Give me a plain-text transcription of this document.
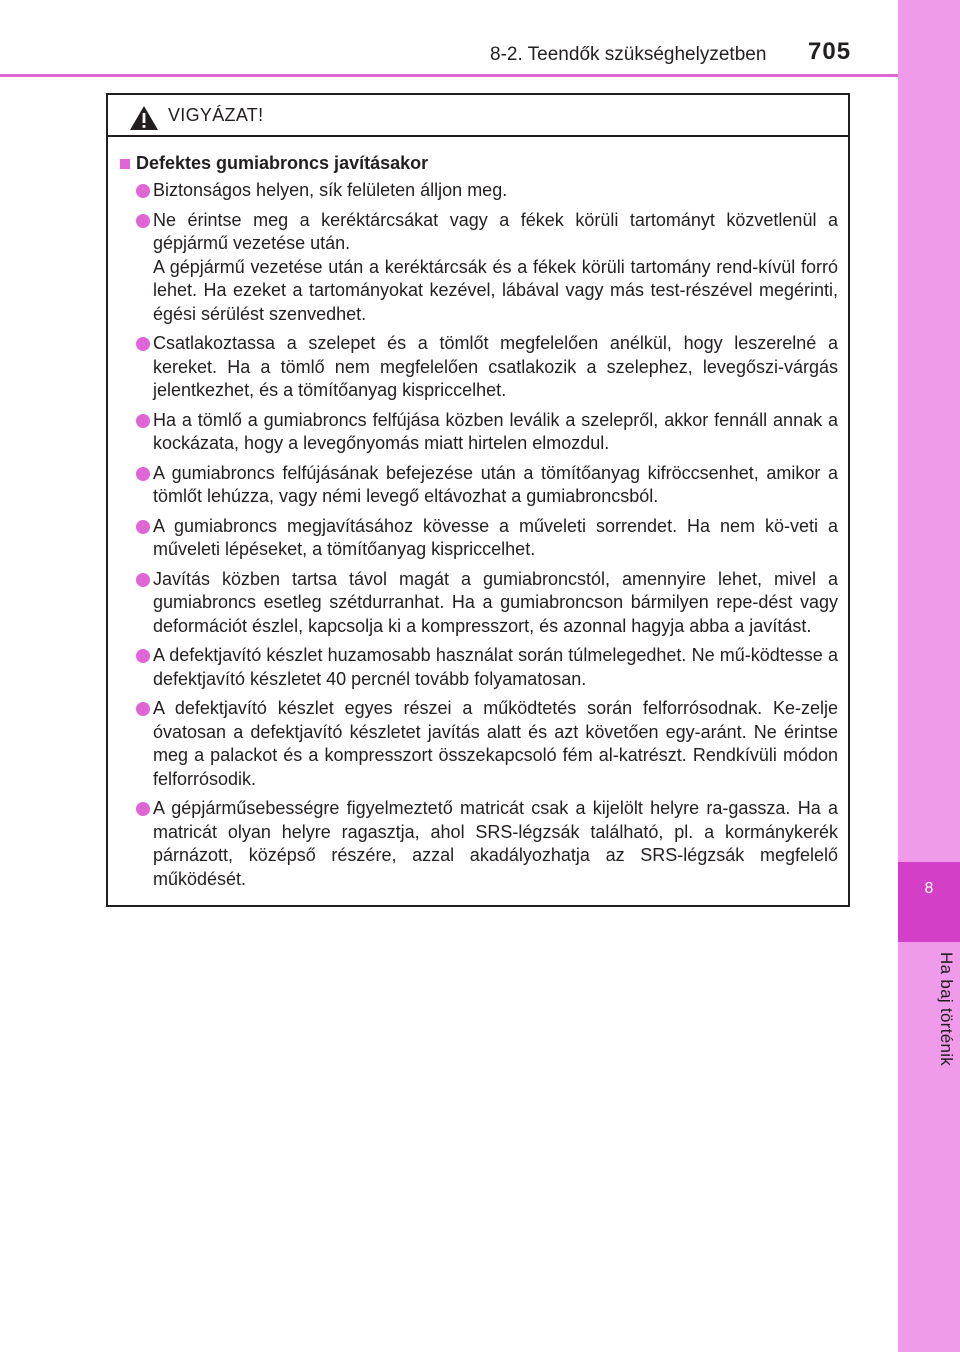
8-2. Teendők szükséghelyzetben 705
8
Ha baj történik
VIGYÁZAT!
Defektes gumiabroncs javításakor
Biztonságos helyen, sík felületen álljon meg.
Ne érintse meg a keréktárcsákat vagy a fékek körüli tartományt közvetlenül a gépjármű vezetése után.
A gépjármű vezetése után a keréktárcsák és a fékek körüli tartomány rend-kívül forró lehet. Ha ezeket a tartományokat kezével, lábával vagy más test-részével megérinti, égési sérülést szenvedhet.
Csatlakoztassa a szelepet és a tömlőt megfelelően anélkül, hogy leszerelné a kereket. Ha a tömlő nem megfelelően csatlakozik a szelephez, levegőszi-várgás jelentkezhet, és a tömítőanyag kispriccelhet.
Ha a tömlő a gumiabroncs felfújása közben leválik a szelepről, akkor fennáll annak a kockázata, hogy a levegőnyomás miatt hirtelen elmozdul.
A gumiabroncs felfújásának befejezése után a tömítőanyag kifröccsenhet, amikor a tömlőt lehúzza, vagy némi levegő eltávozhat a gumiabroncsból.
A gumiabroncs megjavításához kövesse a műveleti sorrendet. Ha nem kö-veti a műveleti lépéseket, a tömítőanyag kispriccelhet.
Javítás közben tartsa távol magát a gumiabroncstól, amennyire lehet, mivel a gumiabroncs esetleg szétdurranhat. Ha a gumiabroncson bármilyen repe-dést vagy deformációt észlel, kapcsolja ki a kompresszort, és azonnal hagyja abba a javítást.
A defektjavító készlet huzamosabb használat során túlmelegedhet. Ne mű-ködtesse a defektjavító készletet 40 percnél tovább folyamatosan.
A defektjavító készlet egyes részei a működtetés során felforrósodnak. Ke-zelje óvatosan a defektjavító készletet javítás alatt és azt követően egy-aránt. Ne érintse meg a palackot és a kompresszort összekapcsoló fém al-katrészt. Rendkívüli módon felforrósodik.
A gépjárműsebességre figyelmeztető matricát csak a kijelölt helyre ra-gassza. Ha a matricát olyan helyre ragasztja, ahol SRS-légzsák található, pl. a kormánykerék párnázott, középső részére, azzal akadályozhatja az SRS-légzsák megfelelő működését.
